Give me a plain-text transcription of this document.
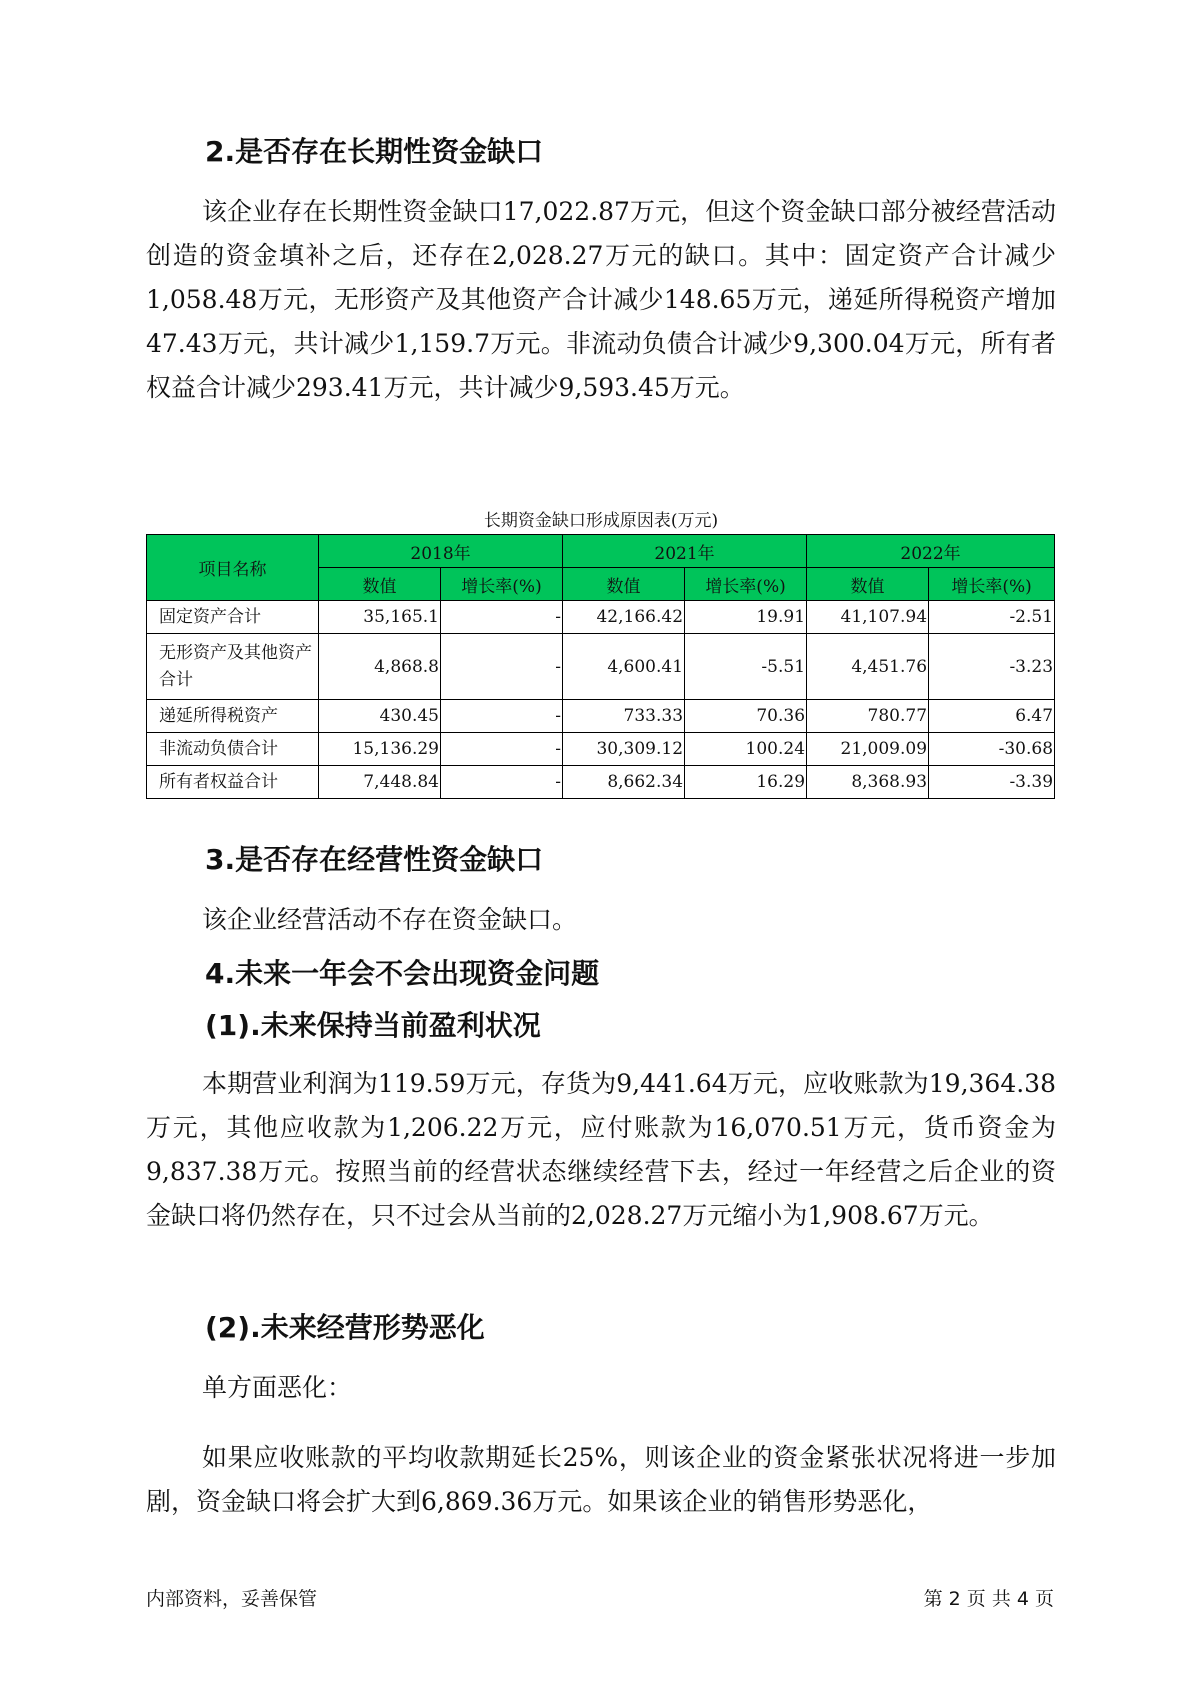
2.是否存在长期性资金缺口

该企业存在长期性资金缺口17,022.87万元，但这个资金缺口部分被经营活动创造的资金填补之后，还存在2,028.27万元的缺口。其中：固定资产合计减少1,058.48万元，无形资产及其他资产合计减少148.65万元，递延所得税资产增加47.43万元，共计减少1,159.7万元。非流动负债合计减少9,300.04万元，所有者权益合计减少293.41万元，共计减少9,593.45万元。

长期资金缺口形成原因表(万元)

项目名称	2018年		2021年		2022年	
	数值	增长率(%)	数值	增长率(%)	数值	增长率(%)
固定资产合计	35,165.1	-	42,166.42	19.91	41,107.94	-2.51
无形资产及其他资产合计	4,868.8	-	4,600.41	-5.51	4,451.76	-3.23
递延所得税资产	430.45	-	733.33	70.36	780.77	6.47
非流动负债合计	15,136.29	-	30,309.12	100.24	21,009.09	-30.68
所有者权益合计	7,448.84	-	8,662.34	16.29	8,368.93	-3.39
3.是否存在经营性资金缺口

该企业经营活动不存在资金缺口。

4.未来一年会不会出现资金问题
(1).未来保持当前盈利状况

本期营业利润为119.59万元，存货为9,441.64万元，应收账款为19,364.38万元，其他应收款为1,206.22万元，应付账款为16,070.51万元，货币资金为9,837.38万元。按照当前的经营状态继续经营下去，经过一年经营之后企业的资金缺口将仍然存在，只不过会从当前的2,028.27万元缩小为1,908.67万元。

(2).未来经营形势恶化

单方面恶化：

如果应收账款的平均收款期延长25%，则该企业的资金紧张状况将进一步加剧，资金缺口将会扩大到6,869.36万元。如果该企业的销售形势恶化，

内部资料，妥善保管	第 2 页 共 4 页
